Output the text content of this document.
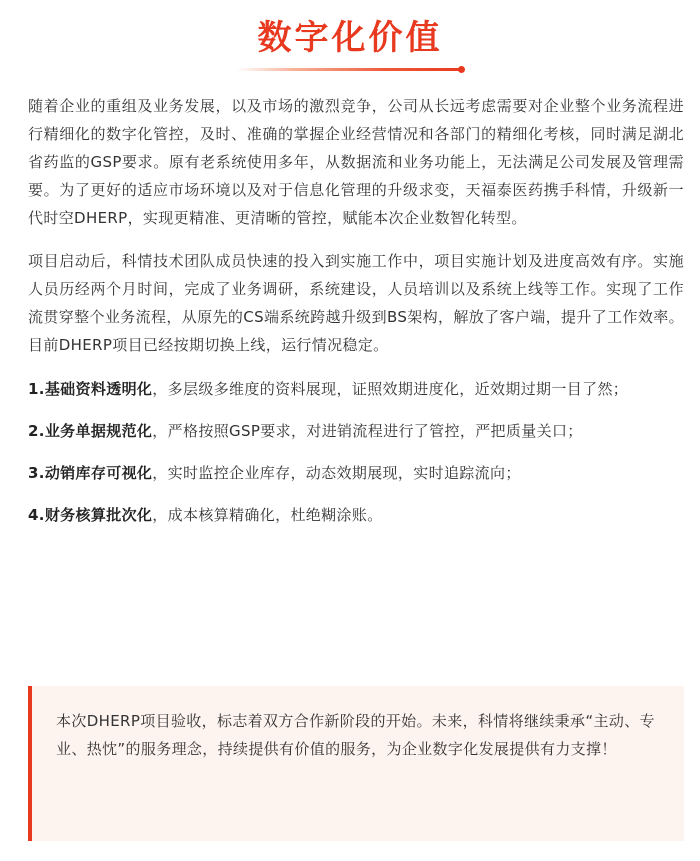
数字化价值

随着企业的重组及业务发展，以及市场的激烈竞争，公司从长远考虑需要对企业整个业务流程进行精细化的数字化管控，及时、准确的掌握企业经营情况和各部门的精细化考核，同时满足湖北省药监的GSP要求。原有老系统使用多年，从数据流和业务功能上，无法满足公司发展及管理需要。为了更好的适应市场环境以及对于信息化管理的升级求变，天福泰医药携手科情，升级新一代时空DHERP，实现更精准、更清晰的管控，赋能本次企业数智化转型。

项目启动后，科情技术团队成员快速的投入到实施工作中，项目实施计划及进度高效有序。实施人员历经两个月时间，完成了业务调研，系统建设，人员培训以及系统上线等工作。实现了工作流贯穿整个业务流程，从原先的CS端系统跨越升级到BS架构，解放了客户端，提升了工作效率。目前DHERP项目已经按期切换上线，运行情况稳定。

1.基础资料透明化，多层级多维度的资料展现，证照效期进度化，近效期过期一目了然；

2.业务单据规范化，严格按照GSP要求，对进销流程进行了管控，严把质量关口；

3.动销库存可视化，实时监控企业库存，动态效期展现，实时追踪流向；

4.财务核算批次化，成本核算精确化，杜绝糊涂账。

本次DHERP项目验收，标志着双方合作新阶段的开始。未来，科情将继续秉承“主动、专业、热忱”的服务理念，持续提供有价值的服务，为企业数字化发展提供有力支撑！
